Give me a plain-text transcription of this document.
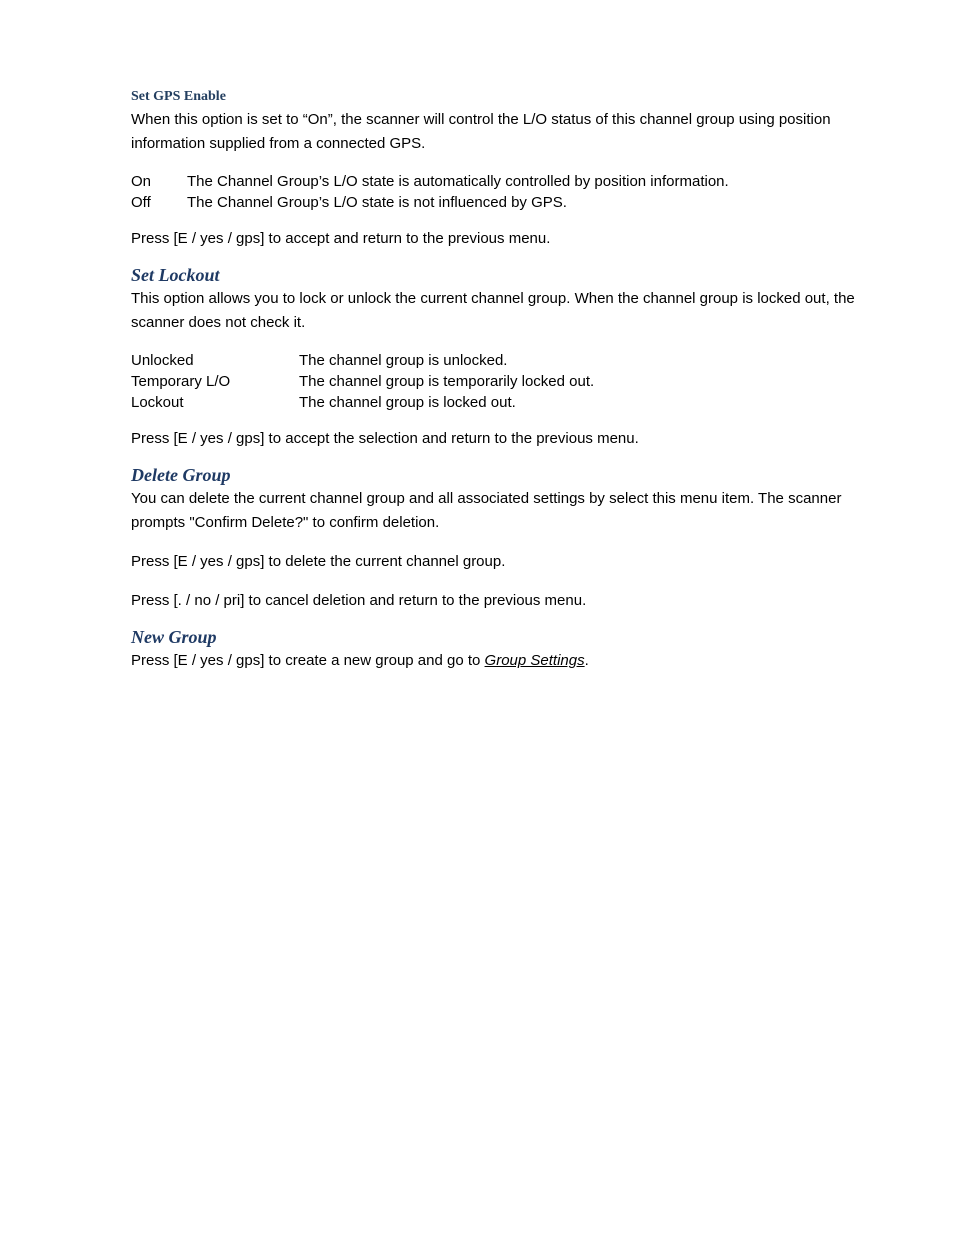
Set GPS Enable

When this option is set to “On”, the scanner will control the L/O status of this channel group using position information supplied from a connected GPS.

On	The Channel Group’s L/O state is automatically controlled by position information.
Off	The Channel Group’s L/O state is not influenced by GPS.

Press [E / yes / gps] to accept and return to the previous menu.

Set Lockout

This option allows you to lock or unlock the current channel group. When the channel group is locked out, the scanner does not check it.

Unlocked	The channel group is unlocked.
Temporary L/O	The channel group is temporarily locked out.
Lockout	The channel group is locked out.

Press [E / yes / gps] to accept the selection and return to the previous menu.

Delete Group

You can delete the current channel group and all associated settings by select this menu item. The scanner prompts "Confirm Delete?" to confirm deletion.

Press [E / yes / gps] to delete the current channel group.

Press [. / no / pri] to cancel deletion and return to the previous menu.

New Group

Press [E / yes / gps] to create a new group and go to Group Settings.
